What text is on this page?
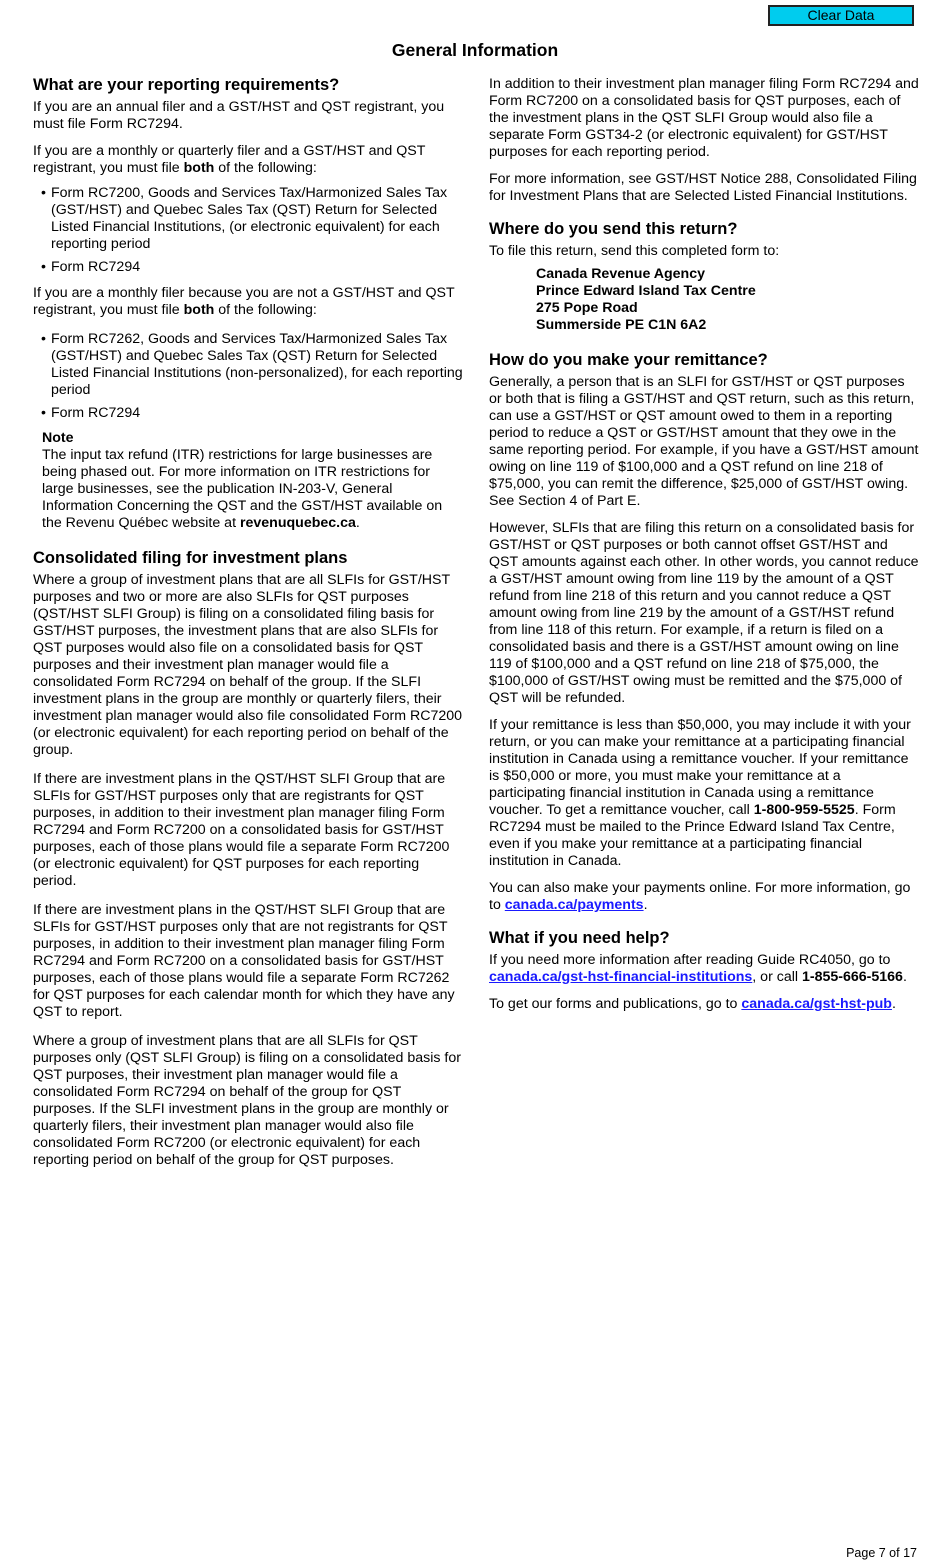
Clear Data
General Information
What are your reporting requirements?

If you are an annual filer and a GST/HST and QST registrant, you must file Form RC7294.

If you are a monthly or quarterly filer and a GST/HST and QST registrant, you must file both of the following:

• Form RC7200, Goods and Services Tax/Harmonized Sales Tax (GST/HST) and Quebec Sales Tax (QST) Return for Selected Listed Financial Institutions, (or electronic equivalent) for each reporting period
• Form RC7294

If you are a monthly filer because you are not a GST/HST and QST registrant, you must file both of the following:

• Form RC7262, Goods and Services Tax/Harmonized Sales Tax (GST/HST) and Quebec Sales Tax (QST) Return for Selected Listed Financial Institutions (non-personalized), for each reporting period
• Form RC7294

Note

The input tax refund (ITR) restrictions for large businesses are being phased out. For more information on ITR restrictions for large businesses, see the publication IN-203-V, General Information Concerning the QST and the GST/HST available on the Revenu Québec website at revenuquebec.ca.

Consolidated filing for investment plans

Where a group of investment plans that are all SLFIs for GST/HST purposes and two or more are also SLFIs for QST purposes (QST/HST SLFI Group) is filing on a consolidated filing basis for GST/HST purposes, the investment plans that are also SLFIs for QST purposes would also file on a consolidated basis for QST purposes and their investment plan manager would file a consolidated Form RC7294 on behalf of the group. If the SLFI investment plans in the group are monthly or quarterly filers, their investment plan manager would also file consolidated Form RC7200 (or electronic equivalent) for each reporting period on behalf of the group.

If there are investment plans in the QST/HST SLFI Group that are SLFIs for GST/HST purposes only that are registrants for QST purposes, in addition to their investment plan manager filing Form RC7294 and Form RC7200 on a consolidated basis for GST/HST purposes, each of those plans would file a separate Form RC7200 (or electronic equivalent) for QST purposes for each reporting period.

If there are investment plans in the QST/HST SLFI Group that are SLFIs for GST/HST purposes only that are not registrants for QST purposes, in addition to their investment plan manager filing Form RC7294 and Form RC7200 on a consolidated basis for GST/HST purposes, each of those plans would file a separate Form RC7262 for QST purposes for each calendar month for which they have any QST to report.

Where a group of investment plans that are all SLFIs for QST purposes only (QST SLFI Group) is filing on a consolidated basis for QST purposes, their investment plan manager would file a consolidated Form RC7294 on behalf of the group for QST purposes. If the SLFI investment plans in the group are monthly or quarterly filers, their investment plan manager would also file consolidated Form RC7200 (or electronic equivalent) for each reporting period on behalf of the group for QST purposes.

In addition to their investment plan manager filing Form RC7294 and Form RC7200 on a consolidated basis for QST purposes, each of the investment plans in the QST SLFI Group would also file a separate Form GST34-2 (or electronic equivalent) for GST/HST purposes for each reporting period.

For more information, see GST/HST Notice 288, Consolidated Filing for Investment Plans that are Selected Listed Financial Institutions.

Where do you send this return?

To file this return, send this completed form to:

Canada Revenue Agency
Prince Edward Island Tax Centre
275 Pope Road
Summerside PE C1N 6A2
How do you make your remittance?

Generally, a person that is an SLFI for GST/HST or QST purposes or both that is filing a GST/HST and QST return, such as this return, can use a GST/HST or QST amount owed to them in a reporting period to reduce a QST or GST/HST amount that they owe in the same reporting period. For example, if you have a GST/HST amount owing on line 119 of $100,000 and a QST refund on line 218 of $75,000, you can remit the difference, $25,000 of GST/HST owing. See Section 4 of Part E.

However, SLFIs that are filing this return on a consolidated basis for GST/HST or QST purposes or both cannot offset GST/HST and QST amounts against each other. In other words, you cannot reduce a GST/HST amount owing from line 119 by the amount of a QST refund from line 218 of this return and you cannot reduce a QST amount owing from line 219 by the amount of a GST/HST refund from line 118 of this return. For example, if a return is filed on a consolidated basis and there is a GST/HST amount owing on line 119 of $100,000 and a QST refund on line 218 of $75,000, the $100,000 of GST/HST owing must be remitted and the $75,000 of QST will be refunded.

If your remittance is less than $50,000, you may include it with your return, or you can make your remittance at a participating financial institution in Canada using a remittance voucher. If your remittance is $50,000 or more, you must make your remittance at a participating financial institution in Canada using a remittance voucher. To get a remittance voucher, call 1-800-959-5525. Form RC7294 must be mailed to the Prince Edward Island Tax Centre, even if you make your remittance at a participating financial institution in Canada.

You can also make your payments online. For more information, go to canada.ca/payments.

What if you need help?

If you need more information after reading Guide RC4050, go to canada.ca/gst-hst-financial-institutions, or call 1-855-666-5166.

To get our forms and publications, go to canada.ca/gst-hst-pub.

Page 7 of 17
